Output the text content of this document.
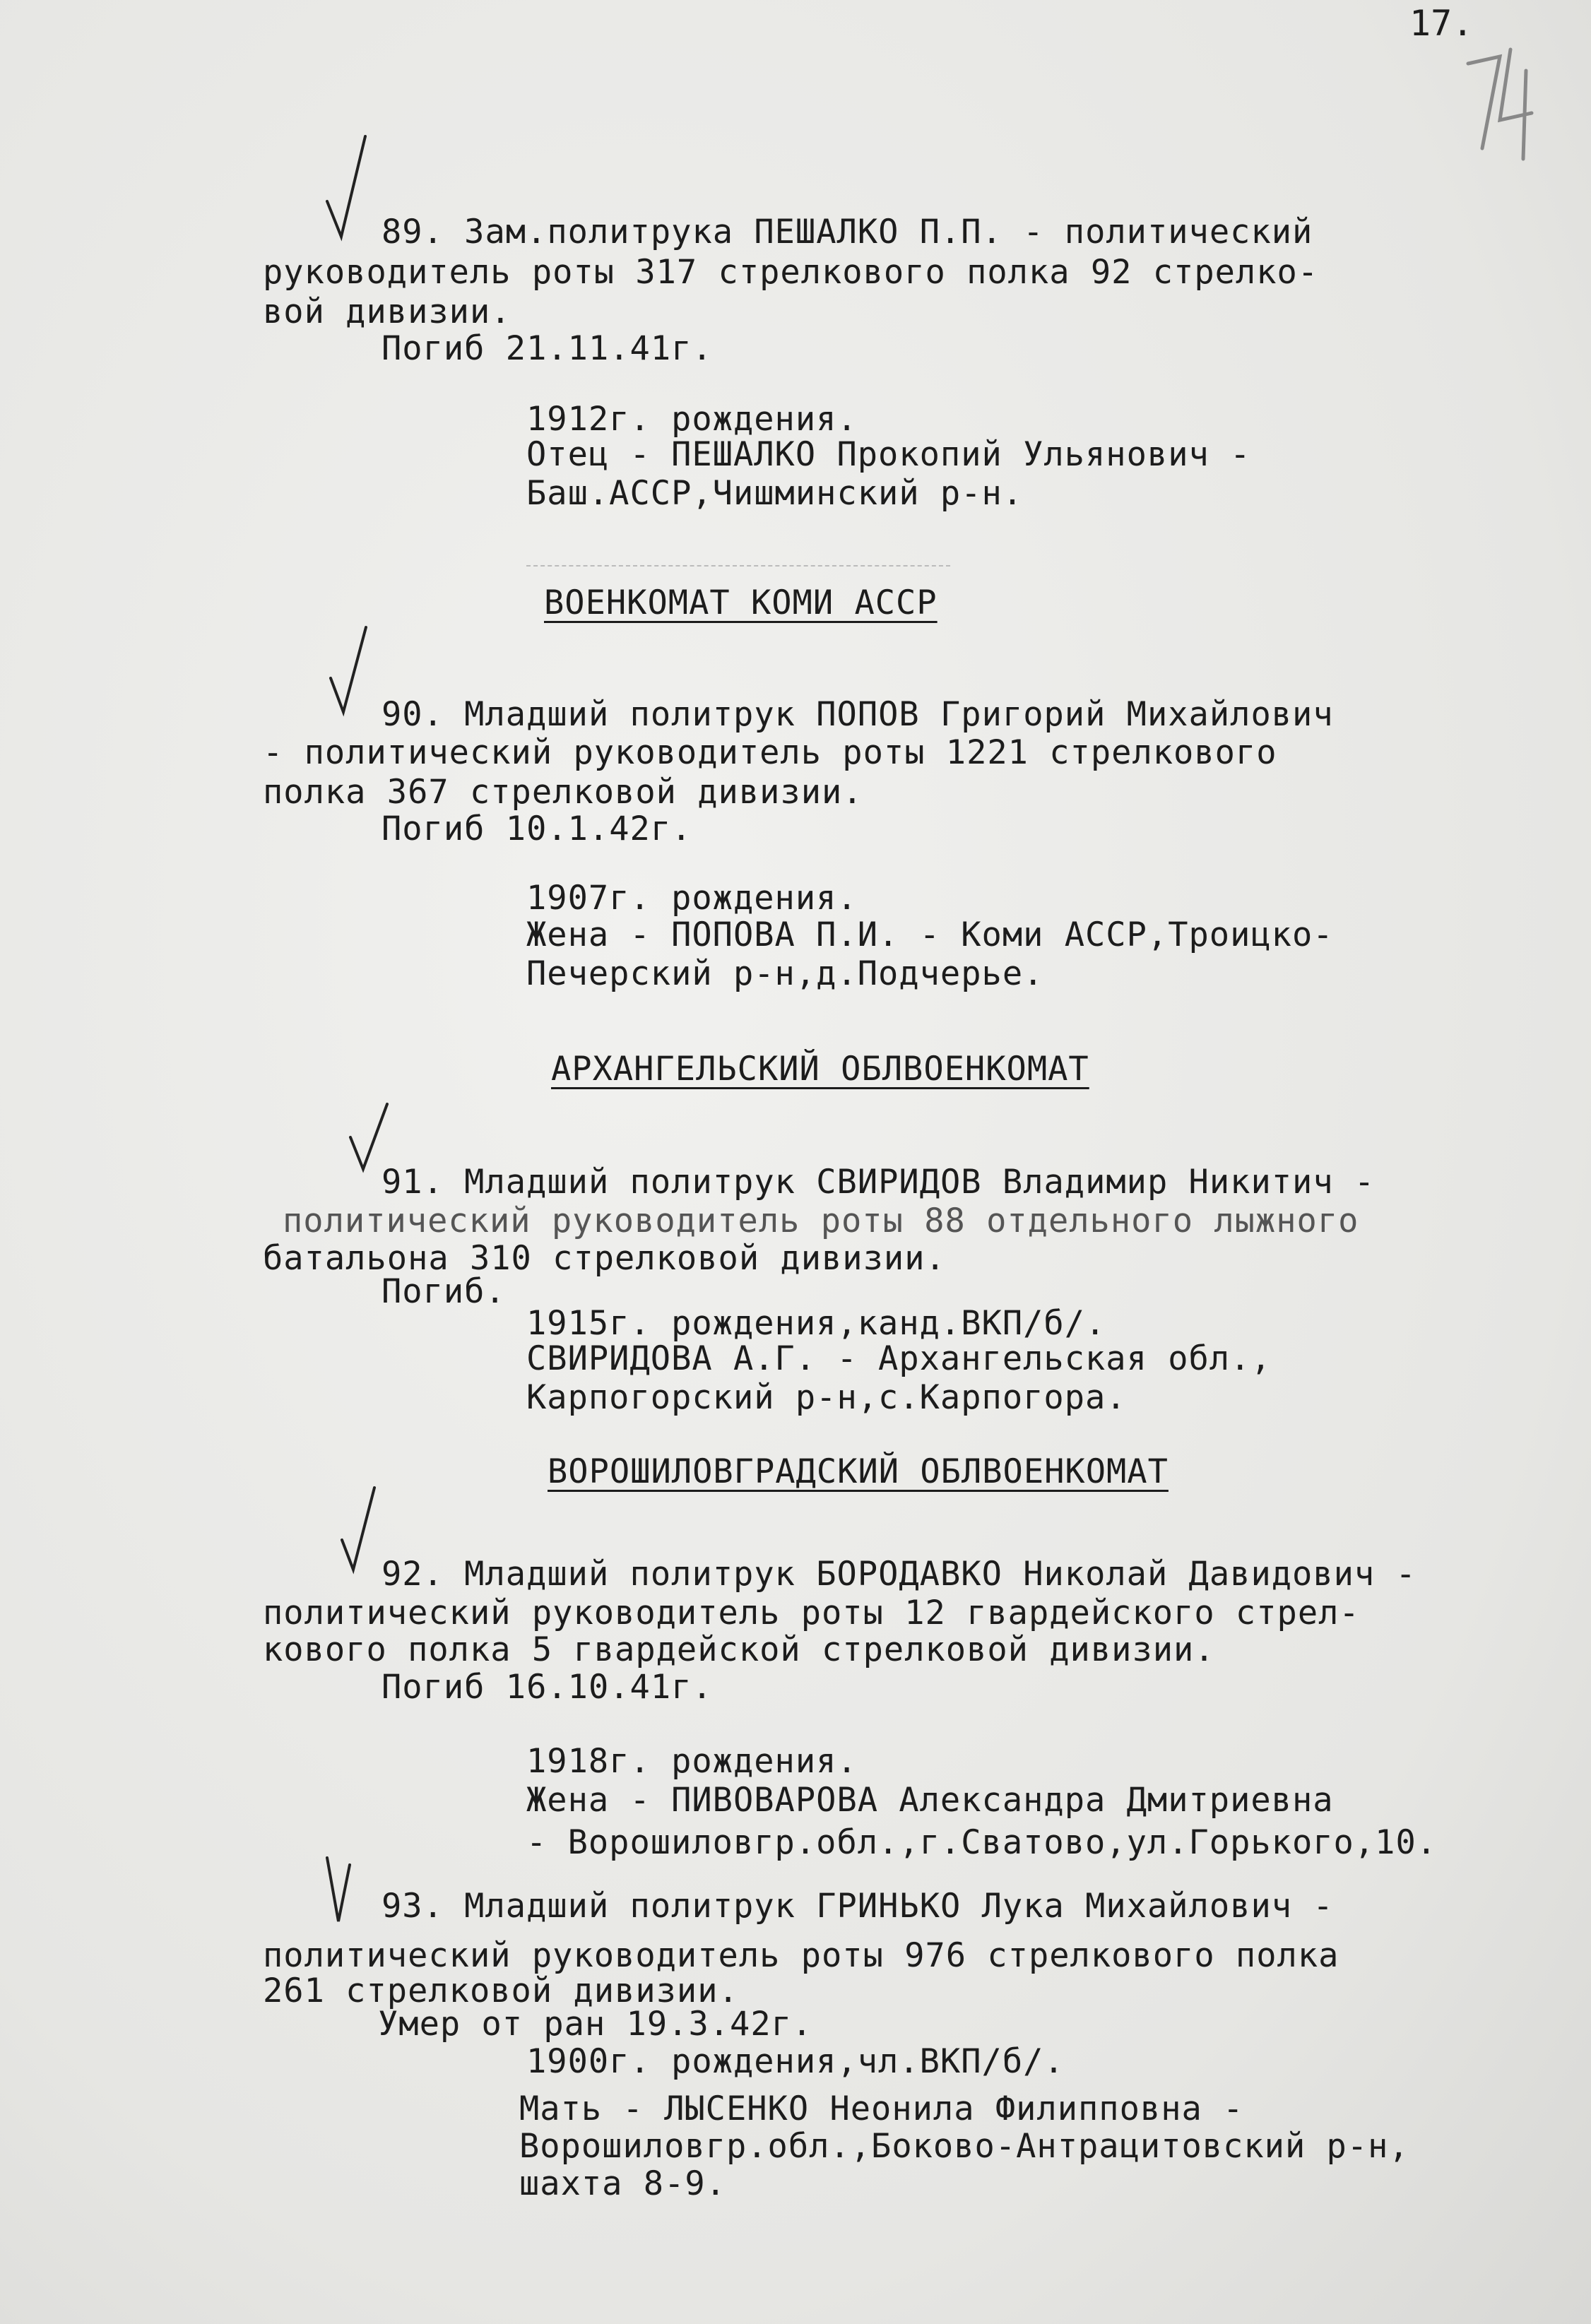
17.
89. Зам.политрука ПЕШАЛКО П.П. - политический
руководитель роты 317 стрелкового полка 92 стрелко-
вой дивизии.
Погиб 21.11.41г.
1912г. рождения.
Отец - ПЕШАЛКО Прокопий Ульянович -
Баш.АССР,Чишминский р-н.
ВОЕНКОМАТ КОМИ АССР
90. Младший политрук ПОПОВ Григорий Михайлович
- политический руководитель роты 1221 стрелкового
полка 367 стрелковой дивизии.
Погиб 10.1.42г.
1907г. рождения.
Жена - ПОПОВА П.И. - Коми АССР,Троицко-
Печерский р-н,д.Подчерье.
АРХАНГЕЛЬСКИЙ ОБЛВОЕНКОМАТ
91. Младший политрук СВИРИДОВ Владимир Никитич -
политический руководитель роты 88 отдельного лыжного
батальона 310 стрелковой дивизии.
Погиб.
1915г. рождения,канд.ВКП/б/.
СВИРИДОВА А.Г. - Архангельская обл.,
Карпогорский р-н,с.Карпогора.
ВОРОШИЛОВГРАДСКИЙ ОБЛВОЕНКОМАТ
92. Младший политрук БОРОДАВКО Николай Давидович -
политический руководитель роты 12 гвардейского стрел-
кового полка 5 гвардейской стрелковой дивизии.
Погиб 16.10.41г.
1918г. рождения.
Жена - ПИВОВАРОВА Александра Дмитриевна
- Ворошиловгр.обл.,г.Сватово,ул.Горького,10.
93. Младший политрук ГРИНЬКО Лука Михайлович -
политический руководитель роты 976 стрелкового полка
261 стрелковой дивизии.
Умер от ран 19.3.42г.
1900г. рождения,чл.ВКП/б/.
Мать - ЛЫСЕНКО Неонила Филипповна -
Ворошиловгр.обл.,Боково-Антрацитовский р-н,
шахта 8-9.
